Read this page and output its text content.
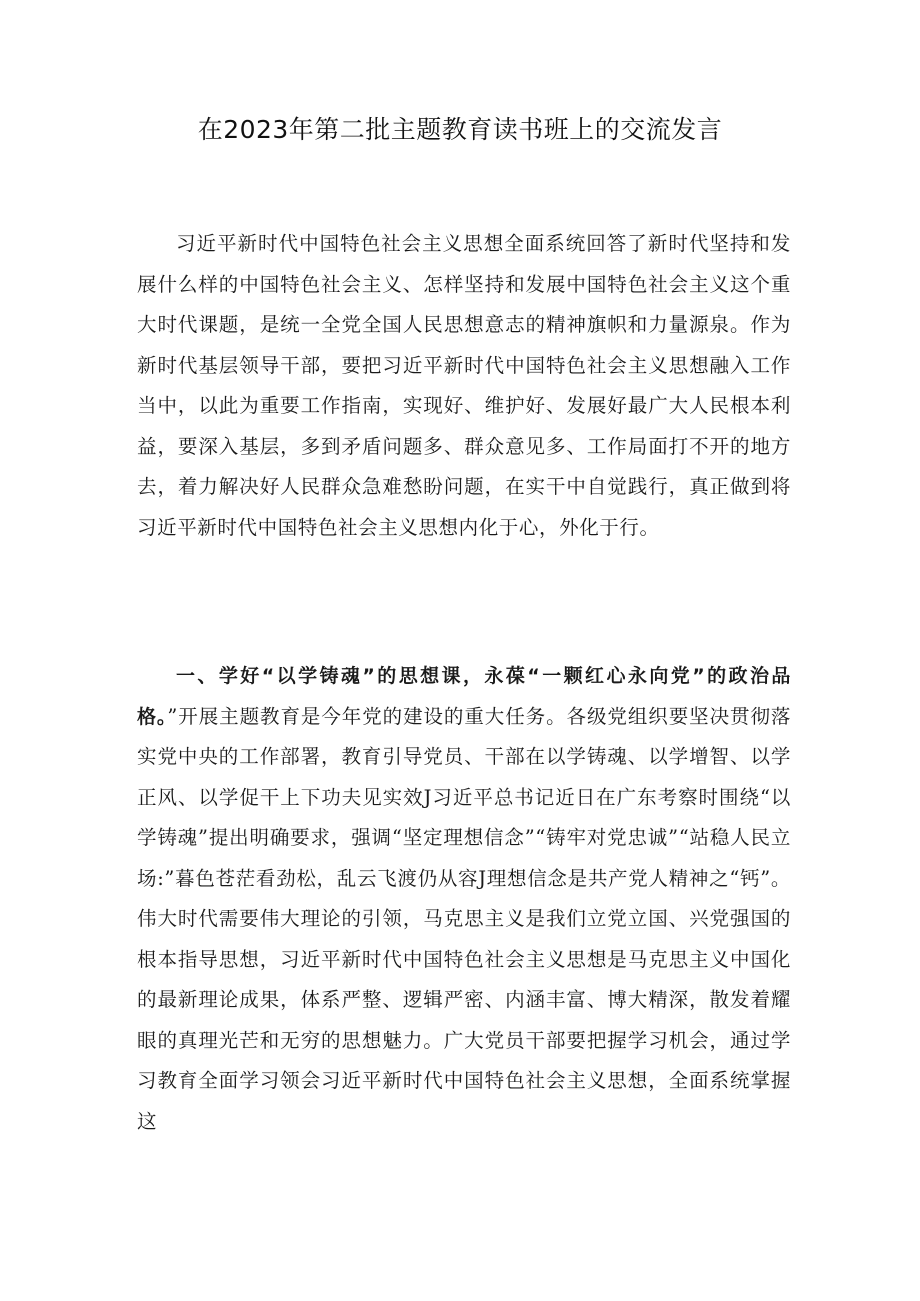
在2023年第二批主题教育读书班上的交流发言

习近平新时代中国特色社会主义思想全面系统回答了新时代坚持和发展什么样的中国特色社会主义、怎样坚持和发展中国特色社会主义这个重大时代课题，是统一全党全国人民思想意志的精神旗帜和力量源泉。作为新时代基层领导干部，要把习近平新时代中国特色社会主义思想融入工作当中，以此为重要工作指南，实现好、维护好、发展好最广大人民根本利益，要深入基层，多到矛盾问题多、群众意见多、工作局面打不开的地方去，着力解决好人民群众急难愁盼问题，在实干中自觉践行，真正做到将习近平新时代中国特色社会主义思想内化于心，外化于行。

一、学好“以学铸魂”的思想课，永葆“一颗红心永向党”的政治品格。”开展主题教育是今年党的建设的重大任务。各级党组织要坚决贯彻落实党中央的工作部署，教育引导党员、干部在以学铸魂、以学增智、以学正风、以学促干上下功夫见实效J习近平总书记近日在广东考察时围绕“以学铸魂”提出明确要求，强调“坚定理想信念”“铸牢对党忠诚”“站稳人民立场:”暮色苍茫看劲松，乱云飞渡仍从容J理想信念是共产党人精神之“钙”。伟大时代需要伟大理论的引领，马克思主义是我们立党立国、兴党强国的根本指导思想，习近平新时代中国特色社会主义思想是马克思主义中国化的最新理论成果，体系严整、逻辑严密、内涵丰富、博大精深，散发着耀眼的真理光芒和无穷的思想魅力。广大党员干部要把握学习机会，通过学习教育全面学习领会习近平新时代中国特色社会主义思想，全面系统掌握这
